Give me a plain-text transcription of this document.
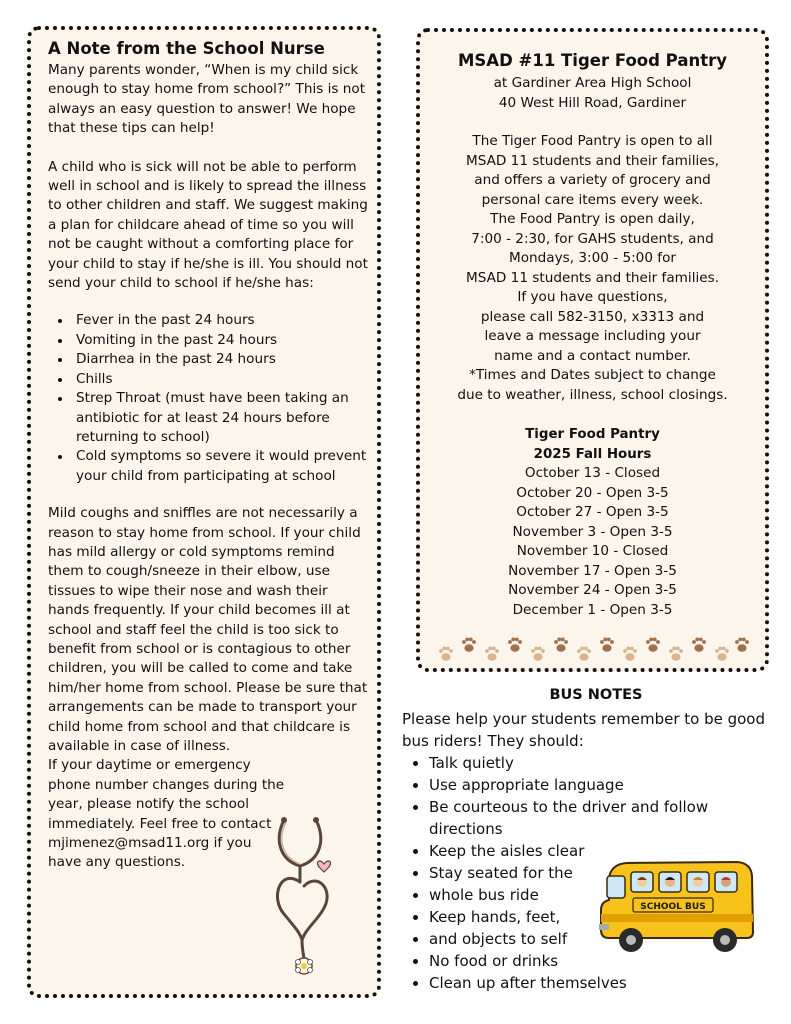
A Note from the School Nurse

Many parents wonder, “When is my child sick enough to stay home from school?” This is not always an easy question to answer! We hope that these tips can help!

A child who is sick will not be able to perform well in school and is likely to spread the illness to other children and staff. We suggest making a plan for childcare ahead of time so you will not be caught without a comforting place for your child to stay if he/she is ill. You should not send your child to school if he/she has:

• Fever in the past 24 hours
• Vomiting in the past 24 hours
• Diarrhea in the past 24 hours
• Chills
• Strep Throat (must have been taking an antibiotic for at least 24 hours before returning to school)
• Cold symptoms so severe it would prevent your child from participating at school

Mild coughs and sniffles are not necessarily a reason to stay home from school. If your child has mild allergy or cold symptoms remind them to cough/sneeze in their elbow, use tissues to wipe their nose and wash their hands frequently. If your child becomes ill at school and staff feel the child is too sick to benefit from school or is contagious to other children, you will be called to come and take him/her home from school. Please be sure that arrangements can be made to transport your child home from school and that childcare is available in case of illness.

If your daytime or emergency phone number changes during the year, please notify the school immediately. Feel free to contact mjimenez@msad11.org if you have any questions.

MSAD #11 Tiger Food Pantry

at Gardiner Area High School

40 West Hill Road, Gardiner

The Tiger Food Pantry is open to all

MSAD 11 students and their families,

and offers a variety of grocery and

personal care items every week.

The Food Pantry is open daily,

7:00 - 2:30, for GAHS students, and

Mondays, 3:00 - 5:00 for

MSAD 11 students and their families.

If you have questions,

please call 582-3150, x3313 and

leave a message including your

name and a contact number.

*Times and Dates subject to change

due to weather, illness, school closings.

Tiger Food Pantry
2025 Fall Hours
October 13 - Closed
October 20 - Open 3-5
October 27 - Open 3-5
November 3 - Open 3-5
November 10 - Closed
November 17 - Open 3-5
November 24 - Open 3-5
December 1 - Open 3-5
BUS NOTES

Please help your students remember to be good bus riders! They should:

• Talk quietly
• Use appropriate language
• Be courteous to the driver and follow directions
• Keep the aisles clear
• Stay seated for the
• whole bus ride
• Keep hands, feet,
• and objects to self
• No food or drinks
• Clean up after themselves
SCHOOL BUS
